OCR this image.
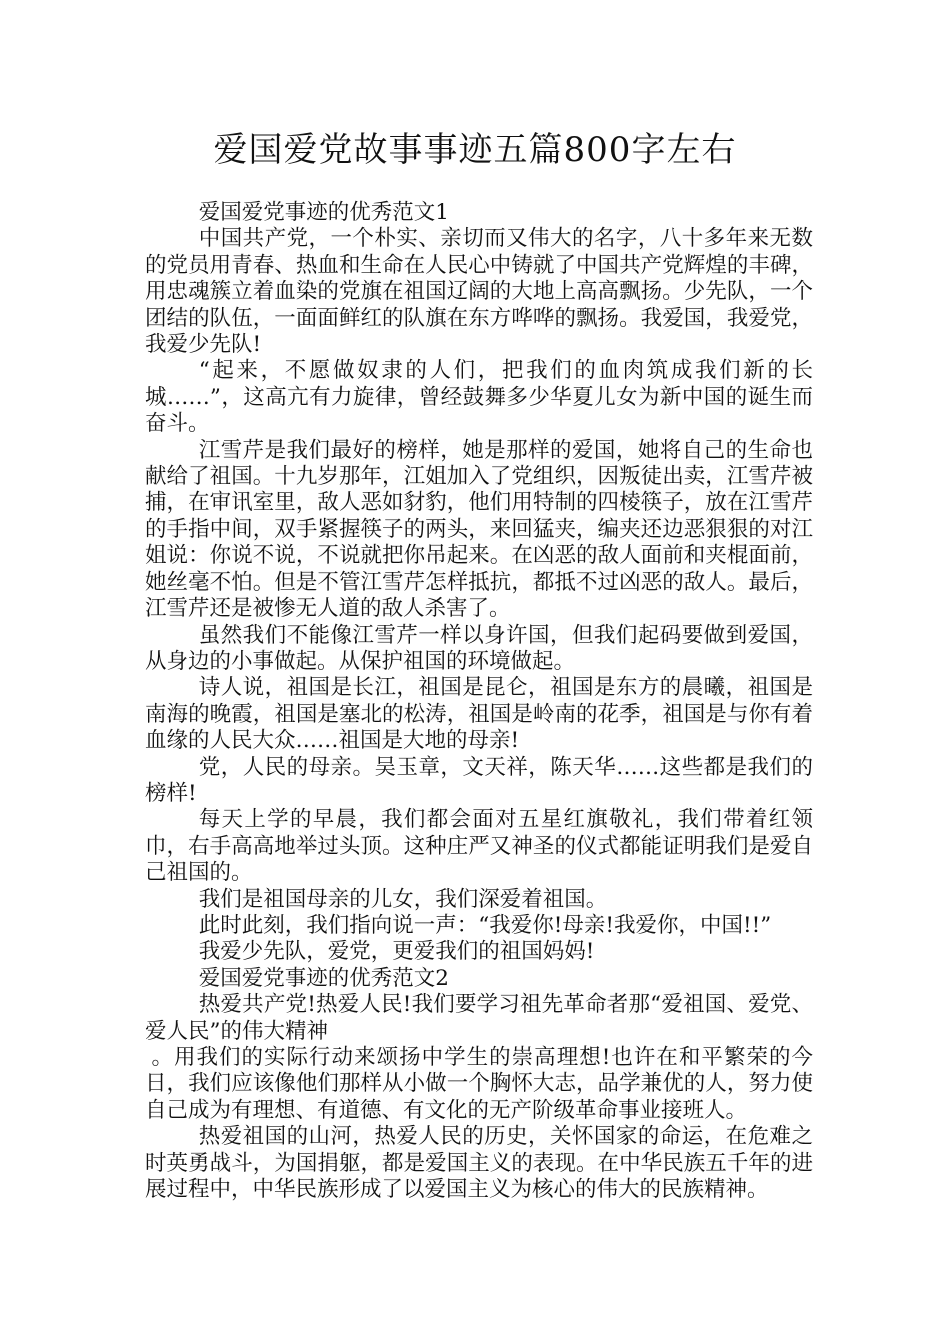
爱国爱党故事事迹五篇800字左右

爱国爱党事迹的优秀范文1

中国共产党，一个朴实、亲切而又伟大的名字，八十多年来无数的党员用青春、热血和生命在人民心中铸就了中国共产党辉煌的丰碑，用忠魂簇立着血染的党旗在祖国辽阔的大地上高高飘扬。少先队，一个团结的队伍，一面面鲜红的队旗在东方哗哗的飘扬。我爱国，我爱党，我爱少先队!

“起来，不愿做奴隶的人们，把我们的血肉筑成我们新的长城……”，这高亢有力旋律，曾经鼓舞多少华夏儿女为新中国的诞生而奋斗。

江雪芹是我们最好的榜样，她是那样的爱国，她将自己的生命也献给了祖国。十九岁那年，江姐加入了党组织，因叛徒出卖，江雪芹被捕，在审讯室里，敌人恶如豺豹，他们用特制的四棱筷子，放在江雪芹的手指中间，双手紧握筷子的两头，来回猛夹，编夹还边恶狠狠的对江姐说：你说不说，不说就把你吊起来。在凶恶的敌人面前和夹棍面前，她丝毫不怕。但是不管江雪芹怎样抵抗，都抵不过凶恶的敌人。最后，江雪芹还是被惨无人道的敌人杀害了。

虽然我们不能像江雪芹一样以身许国，但我们起码要做到爱国，从身边的小事做起。从保护祖国的环境做起。

诗人说，祖国是长江，祖国是昆仑，祖国是东方的晨曦，祖国是南海的晚霞，祖国是塞北的松涛，祖国是岭南的花季，祖国是与你有着血缘的人民大众……祖国是大地的母亲!

党，人民的母亲。吴玉章，文天祥，陈天华……这些都是我们的榜样!

每天上学的早晨，我们都会面对五星红旗敬礼，我们带着红领巾，右手高高地举过头顶。这种庄严又神圣的仪式都能证明我们是爱自己祖国的。

我们是祖国母亲的儿女，我们深爱着祖国。

此时此刻，我们指向说一声：“我爱你!母亲!我爱你，中国!!”

我爱少先队，爱党，更爱我们的祖国妈妈!

爱国爱党事迹的优秀范文2

热爱共产党!热爱人民!我们要学习祖先革命者那“爱祖国、爱党、爱人民”的伟大精神

。用我们的实际行动来颂扬中学生的崇高理想!也许在和平繁荣的今日，我们应该像他们那样从小做一个胸怀大志，品学兼优的人，努力使自己成为有理想、有道德、有文化的无产阶级革命事业接班人。

热爱祖国的山河，热爱人民的历史，关怀国家的命运，在危难之时英勇战斗，为国捐躯，都是爱国主义的表现。在中华民族五千年的进展过程中，中华民族形成了以爱国主义为核心的伟大的民族精神。
